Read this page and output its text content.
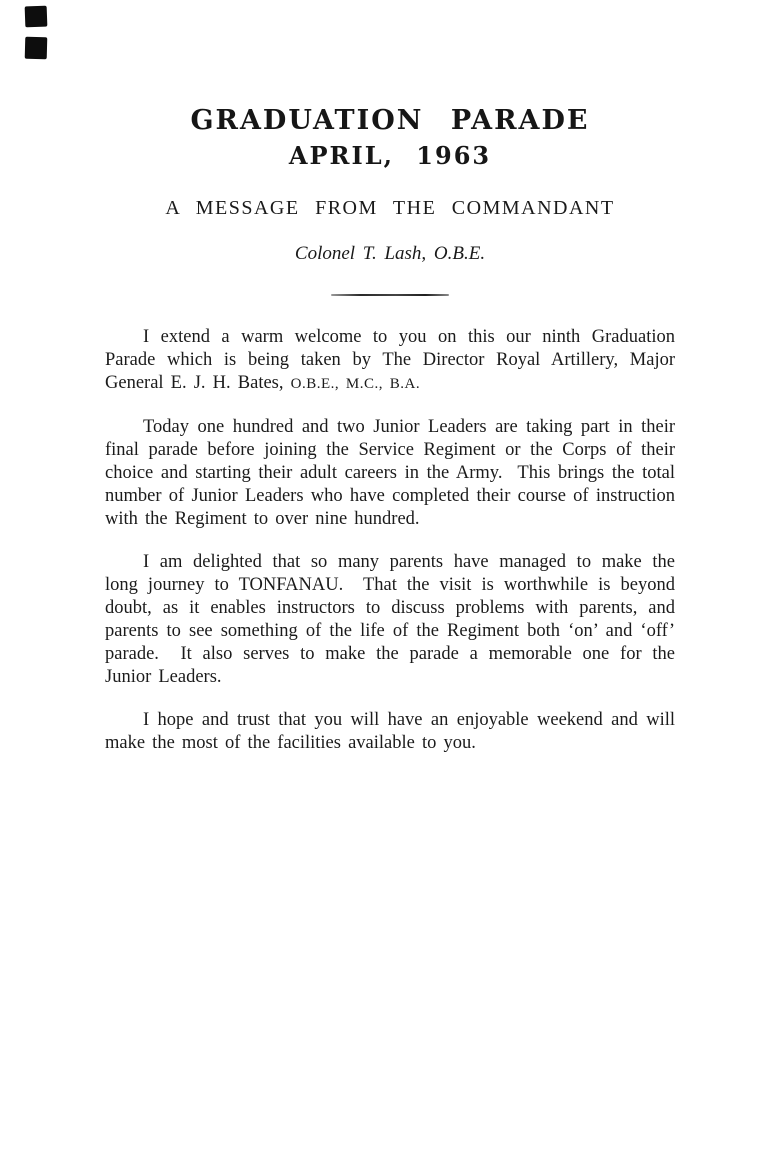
GRADUATION PARADE
APRIL, 1963
A MESSAGE FROM THE COMMANDANT
Colonel T. Lash, O.B.E.

I extend a warm welcome to you on this our ninth Graduation Parade which is being taken by The Director Royal Artillery, Major General E. J. H. Bates, O.B.E., M.C., B.A.

Today one hundred and two Junior Leaders are taking part in their final parade before joining the Service Regiment or the Corps of their choice and starting their adult careers in the Army.  This brings the total number of Junior Leaders who have completed their course of instruction with the Regiment to over nine hundred.

I am delighted that so many parents have managed to make the long journey to TONFANAU.  That the visit is worthwhile is beyond doubt, as it enables instructors to discuss problems with parents, and parents to see something of the life of the Regiment both ‘on’ and ‘off’ parade.  It also serves to make the parade a memorable one for the Junior Leaders.

I hope and trust that you will have an enjoyable weekend and will make the most of the facilities available to you.
